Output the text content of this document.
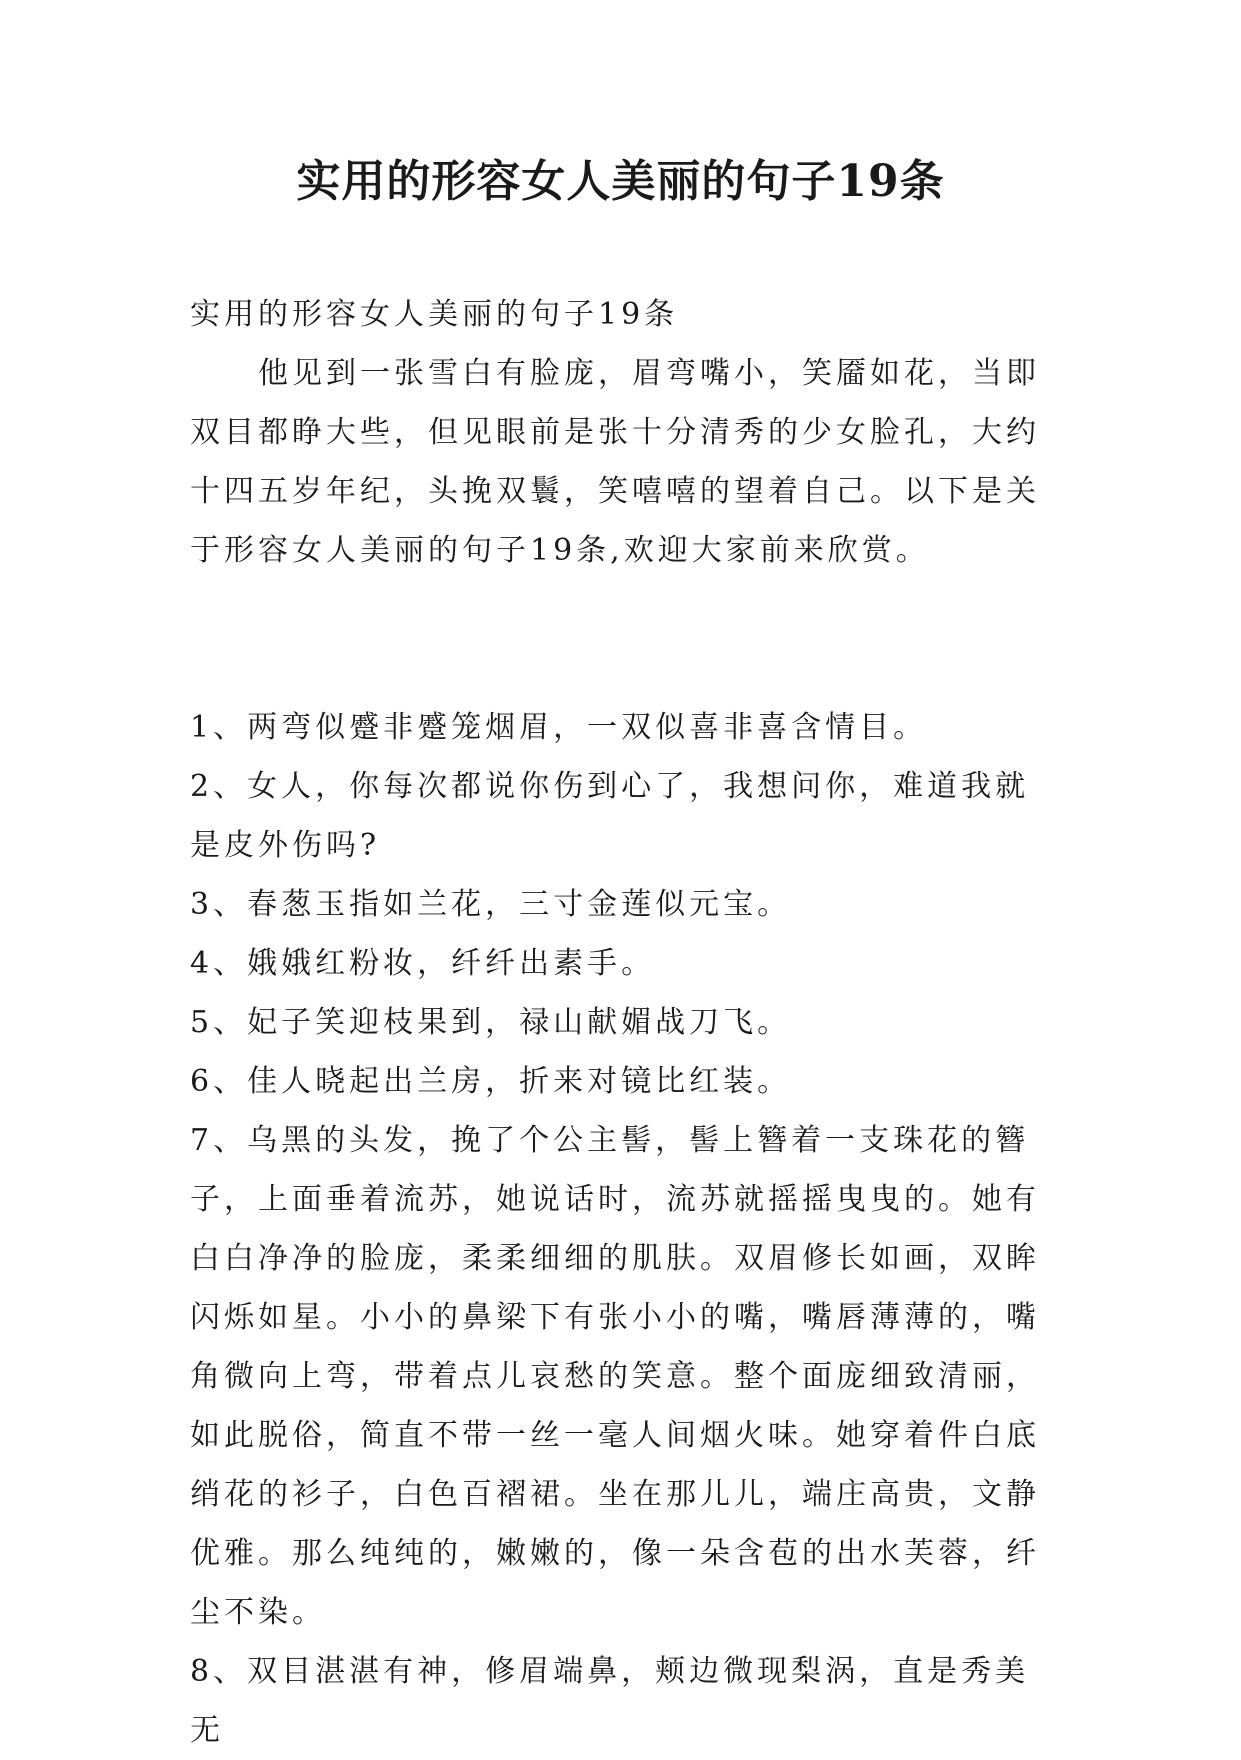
实用的形容女人美丽的句子19条

实用的形容女人美丽的句子19条

他见到一张雪白有脸庞，眉弯嘴小，笑靥如花，当即双目都睁大些，但见眼前是张十分清秀的少女脸孔，大约十四五岁年纪，头挽双鬟，笑嘻嘻的望着自己。以下是关于形容女人美丽的句子19条,欢迎大家前来欣赏。

1、两弯似蹙非蹙笼烟眉，一双似喜非喜含情目。

2、女人，你每次都说你伤到心了，我想问你，难道我就是皮外伤吗?

3、春葱玉指如兰花，三寸金莲似元宝。

4、娥娥红粉妆，纤纤出素手。

5、妃子笑迎枝果到，禄山献媚战刀飞。

6、佳人晓起出兰房，折来对镜比红装。

7、乌黑的头发，挽了个公主髻，髻上簪着一支珠花的簪子，上面垂着流苏，她说话时，流苏就摇摇曳曳的。她有白白净净的脸庞，柔柔细细的肌肤。双眉修长如画，双眸闪烁如星。小小的鼻梁下有张小小的嘴，嘴唇薄薄的，嘴角微向上弯，带着点儿哀愁的笑意。整个面庞细致清丽，如此脱俗，简直不带一丝一毫人间烟火味。她穿着件白底绡花的衫子，白色百褶裙。坐在那儿儿，端庄高贵，文静优雅。那么纯纯的，嫩嫩的，像一朵含苞的出水芙蓉，纤尘不染。

8、双目湛湛有神，修眉端鼻，颊边微现梨涡，直是秀美无
